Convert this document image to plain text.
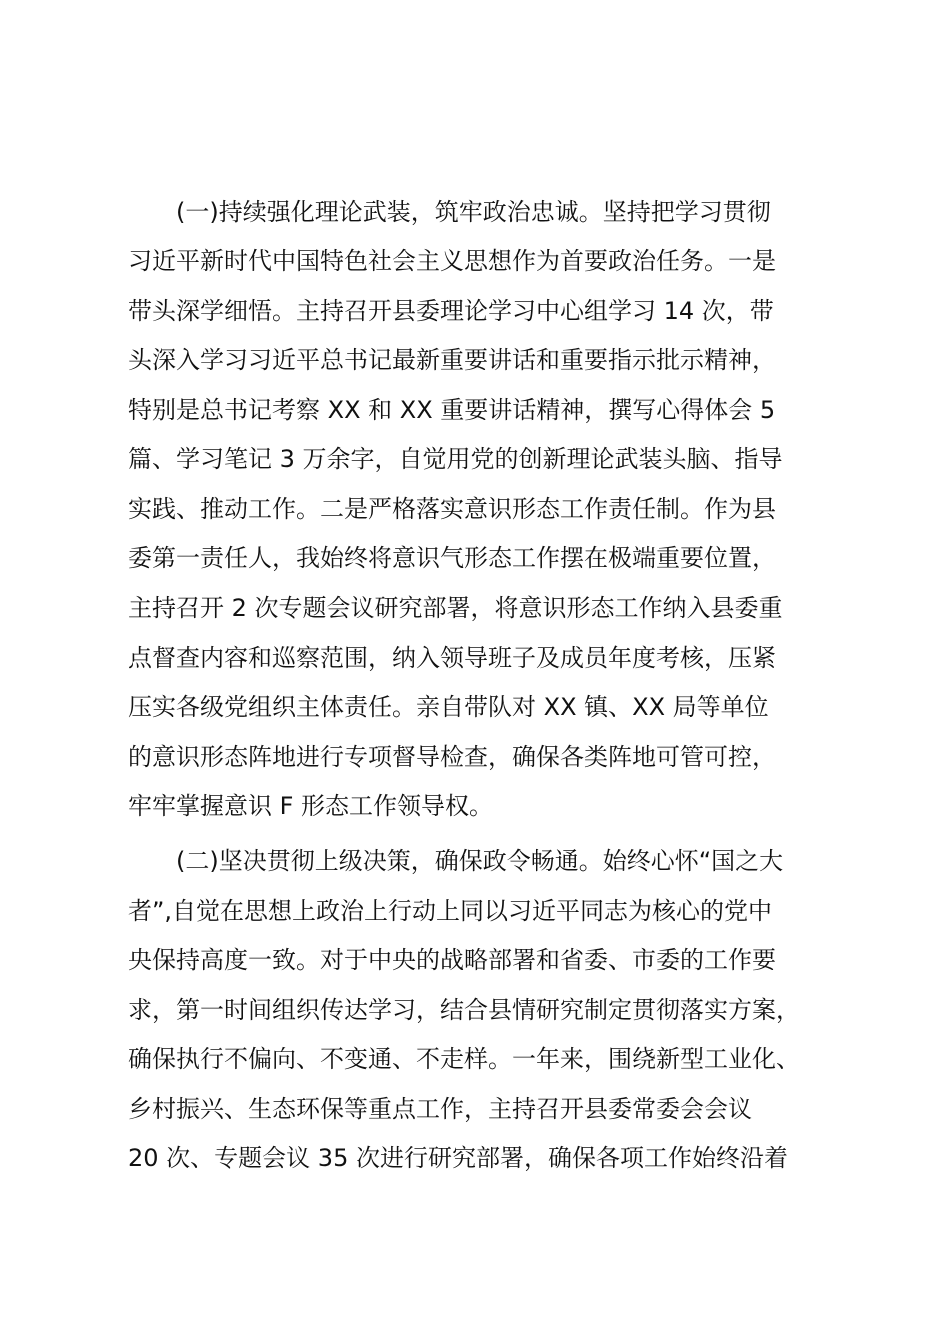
(一)持续强化理论武装，筑牢政治忠诚。坚持把学习贯彻
习近平新时代中国特色社会主义思想作为首要政治任务。一是
带头深学细悟。主持召开县委理论学习中心组学习 14 次，带
头深入学习习近平总书记最新重要讲话和重要指示批示精神，
特别是总书记考察 XX 和 XX 重要讲话精神，撰写心得体会 5
篇、学习笔记 3 万余字，自觉用党的创新理论武装头脑、指导
实践、推动工作。二是严格落实意识形态工作责任制。作为县
委第一责任人，我始终将意识气形态工作摆在极端重要位置，
主持召开 2 次专题会议研究部署，将意识形态工作纳入县委重
点督查内容和巡察范围，纳入领导班子及成员年度考核，压紧
压实各级党组织主体责任。亲自带队对 XX 镇、XX 局等单位
的意识形态阵地进行专项督导检查，确保各类阵地可管可控，
牢牢掌握意识 F 形态工作领导权。
(二)坚决贯彻上级决策，确保政令畅通。始终心怀“国之大
者”,自觉在思想上政治上行动上同以习近平同志为核心的党中
央保持高度一致。对于中央的战略部署和省委、市委的工作要
求，第一时间组织传达学习，结合县情研究制定贯彻落实方案，
确保执行不偏向、不变通、不走样。一年来，围绕新型工业化、
乡村振兴、生态环保等重点工作，主持召开县委常委会会议
20 次、专题会议 35 次进行研究部署，确保各项工作始终沿着
